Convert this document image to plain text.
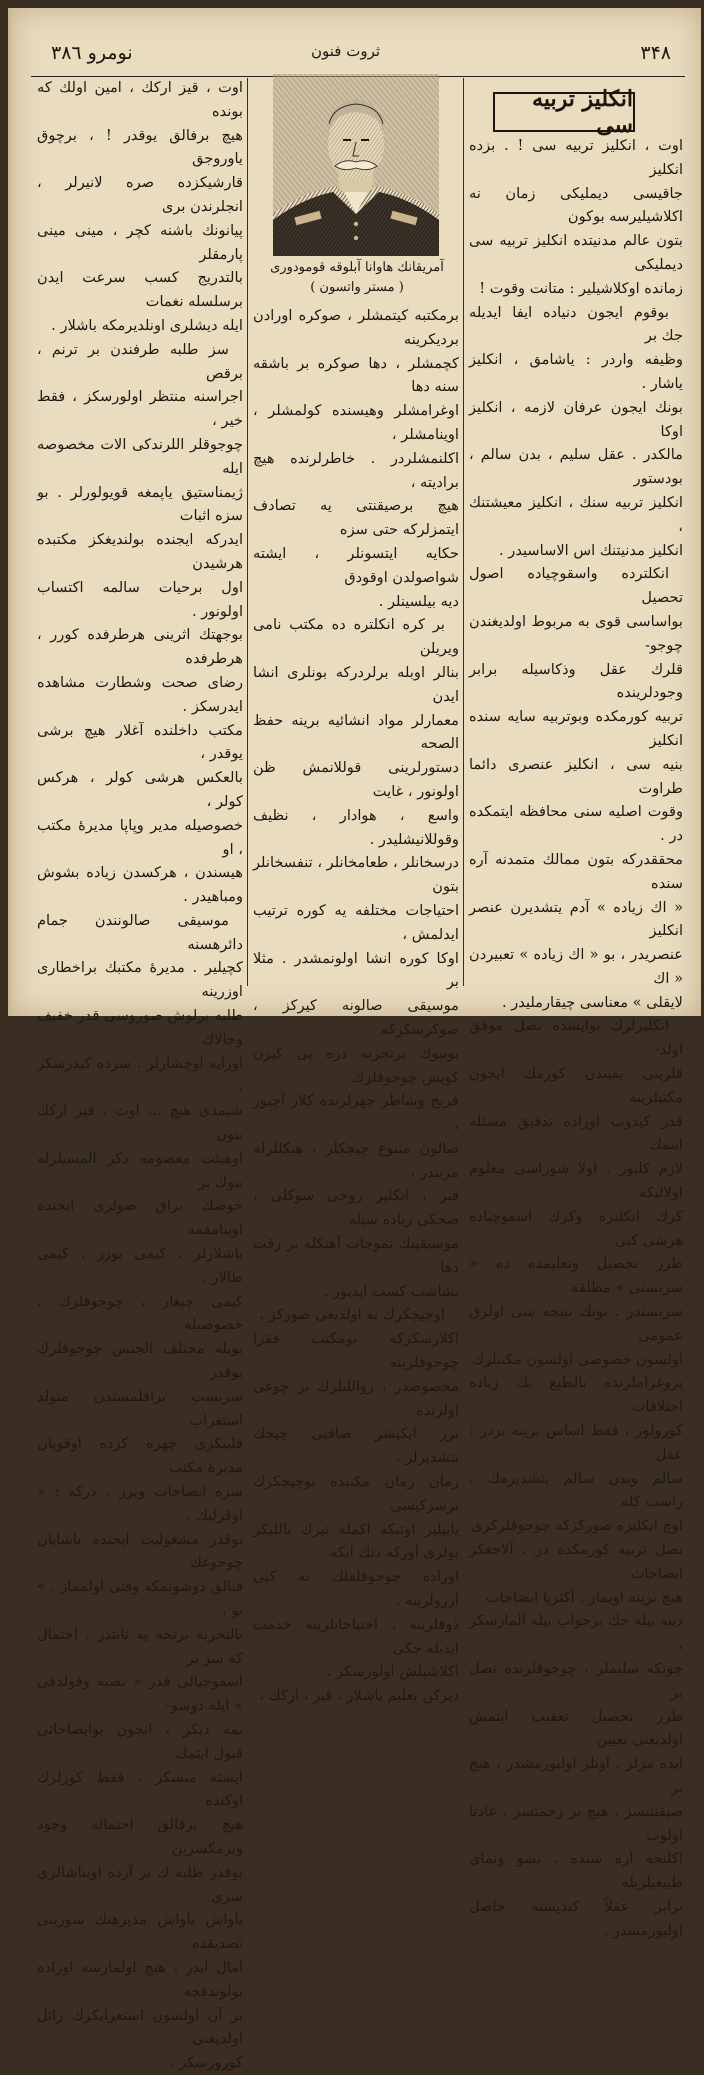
نومرو ۳۸٦	ثروت فنون	۳۴۸
انکلیز تربیه سی
آمریقانك هاوانا آبلوقه قومودوری
( مستر واتسون )

اوت ، انکلیز تربیه سی ! . بزده انکلیز

جاقیسی دیملیکی زمان نه اکلاشیلیرسه بوکون

بتون عالم مدنیتده انکلیز تربیه سی دیملیکی

زمانده اوکلاشیلیر : متانت وقوت !

بوقوم ایجون دنیاده ایفا ایدیله جك بر

وظیفه واردر : یاشامق ، انکلیز یاشار .

بونك ایجون عرفان لازمه ، انکلیز اوکا

مالکدر . عقل سلیم ، بدن سالم ، بودستور

انکلیز تربیه سنك ، انکلیز معیشتنك ،

انکلیز مدنیتنك اس الاساسیدر .

انکلترده واسقوچیاده اصول تحصیل

بواساسی قوی به مربوط اولدیغندن چوجو-

قلرك عقل وذکاسیله برابر وجودلرینده

تربیه کورمکده وبوتربیه سایه سنده انکلیز

بنیه سی ، انکلیز عنصری دائما طراوت

وقوت اصلیه سنی محافظه ایتمکده در .

محققدرکه بتون ممالك متمدنه آره سنده

« اك زیاده » آدم یتشدیرن عنصر انکلیز

عنصریدر ، بو « اك زیاده » تعبیردن « اك

لایقلی » معناسی چیقارملیدر .

انکلیزلرك بوایشده نصل موفق اولد-

قلرینی یقیندن کورمك ایجون مکتبلرینه

قدر کیدوب اوراده تدقیق مسئله ایتمك

لازم کلیور . اولا شوراسی معلوم اولالیکه

کرك انکلتره وکرك اسقوچیاده هرشی کبی

طرز تحصیل وتعلیمده ده « سربستی » مطلقه

سربستدر . بونك نتیجه سی اولرق عمومی

اولسون خصوصی اولسون مکتبلرك

پروغراملرنده بالطبع بك زیاده اختلافات

کورولور ، فقط اساس برینه بردر : عقل

سالم وبدن سالم یتشدیرمك . راست کله

اوچ انکلیزه صورکزکه چوجوقلرکزی

نصل تربیه کورمکده در ، آلاجغکز ایضاحات

هیچ برینه اویماز . آکثریا ایضاحات

دینه بیله جك برجواب بیله آلمازسکز ،

چونکه سلیملر ، چوجوقلرنده نصل بر

طرز تحصیل تعقیب ایتمش اولدیغنی تعیین

ایده مزلر . اونلر اولیورمشدر ، هیچ بر

صیقنتیسز ، هیچ بر زحمتسز ، عادتا اولوب

اکلنجه آره سنده ، نشو ونمای طبیعیلریله

برابر عقلاً کندیسنه حاصل اولیورمشدر .

برمکتبه کیتمشلر ، صوکره اورادن بردیکرینه

کچمشلر ، دها صوکره بر باشقه سنه دها

اوغرامشلر وهیسنده کولمشلر ، اوینامشلر ،

اکلنمشلردر . خاطرلرنده هیچ برادیته ،

هیچ برصیقنتی یه تصادف ایتمزلرکه حتی سزه

حکایه ایتسونلر ، ایشته شواصولدن اوقودق

دیه بیلسینلر .

بر کره انکلتره ده مکتب نامی ویریلن

بنالر اوبله برلردرکه بونلری انشا ایدن

معمارلر مواد انشائیه برینه حفظ الصحه

دستورلرینی قوللانمش ظن اولونور ، غایت

واسع ، هوادار ، نظیف وقوللانیشلیدر .

درسخانلر ، طعامخانلر ، تنفسخانلر بتون

احتیاجات مختلفه یه کوره ترتیب ایدلمش ،

اوکا کوره انشا اولونمشدر . مثلا بر

موسیقی صالونه کیرکز ، صوکرسکزکه

بوبیوك برتجربه دره یی کیرن کوپش چوجوقلرك

فریح وشاطر چهرلرنده کلار آچیور ،

صالون متنوع چیچکلر ، هیکللرله مزیندر ،

فنر ، انکلیز روحی سوکلی ، ضحکی زیاده سیله

موسیقینك تموجات آهنکله بر رقت دها

بشاشت کسب ایدیور .

اوچیچکرك نه اولدیغی صورکز ،

اکلارسکزکه بومکتب فقرا چوجوقلرینه

مخصوصدر ، زواللیلرك بر چوغی اولرنده

برر ایکیشر صاقیی چیچك بتشدیرلر ،

زمان زمان مکتبده بوچیچکرك برسرکیسی

یاپیلیر اوتنکه اکمله تبرك باللیکز بولری آورکه دنك ایکه

اوراده چوجوقلقلك نه کبی آرزولرینه ،

ذوقلرینه ، احتیاجاتلرینه خدمت ایدیله جکی

اکلاشیلش اولورسکز .

دیرکن تعلیم باشلار ، قیز ، ارکك ،

اوت ، قیز ارکك ، امین اولك که بونده

هیچ برفالق یوقدر ! ، برچوق یاوروجق

قارشیکزده صره لانیرلر ، انجلرندن بری

پیانونك باشنه کچر ، مینی مینی پارمقلر

بالتدریج کسب سرعت ایدن برسلسله نغمات

ایله دیشلری اونلدیرمکه باشلار .

سز طلبه طرفندن بر ترنم ، برقص

اجراسنه منتظر اولورسکز ، فقط خیر ،

چوجوقلر اللرندکی الات مخصوصه ایله

ژیمناستیق یاپمغه قویولورلر . بو سزه اثبات

ایدرکه ایجنده بولندیغکز مکتبده هرشیدن

اول برحیات سالمه اکتساب اولونور .

بوجهتك اثرینی هرطرفده کورر ، هرطرفده

رضای صحت وشطارت مشاهده ایدرسکز .

مکتب داخلنده آغلار هیچ برشی یوقدر ،

بالعکس هرشی کولر ، هرکس کولر ،

خصوصیله مدیر وپاپا مدیرهٔ مکتب ، او

هیسندن ، هرکسدن زیاده بشوش ومباهیدر .

موسیقی صالونندن جمام دائرهسنه

کچیلیر . مدیرهٔ مکتبك براخطاری اوزرینه

طلبه برلوش صوروسی قدر خفیف وچالاك

اورایه اوچشارلر . سزده کیدرسکز ،

شیمدی هیچ ... اوت ، قیز ارکك بتون

اوهیئت معصومه ذکر المسیلرله بیوك بر

حوضك براق صولری ایجنده اوینامقمه

باشلارلر . کیمی یوزر ، کیمی طالار ،

کیمی چیغار ، چوجوقلرك ، خصوصیله

بوبله مختلف الجنس چوجوقلرك بوقدر

سربست براقلمسندن متولد استغراب

قلبیکزی چهره کزده اوقویان مدیرهٔ مکتب

سزه ایضاحات ویرر ، درکه : « اوقرلیك .

بوقدر مشغولیت ایجنده یاشایان چوجوغك

فنالق دوشونمکه وقتی اولمماز . » بو ،

بالتجربه برتجه یه ثابتدر . احتمال که سز بر

اسقوچیالی قدر « نصبه وقولدقی » ایله دوشو-

نمه دیکز ، انجون بوایضاحاتی قبول ایتمك

ایسته منسکز ، فقط کوزلرك اوکنده

هیچ برقالق احتماله وجود ویرمکسزین

بوقدر طلبه ك بر آرده اوبناشالری سزی

یاواش یاواش مدیرهنك سوزینی تصدیقده

امال ایدر ، هیچ اولمازسه اوراده بولوندقجه

بر آن اولسون استغرابکزك زائل اولدیغنی

کورورسکز .
